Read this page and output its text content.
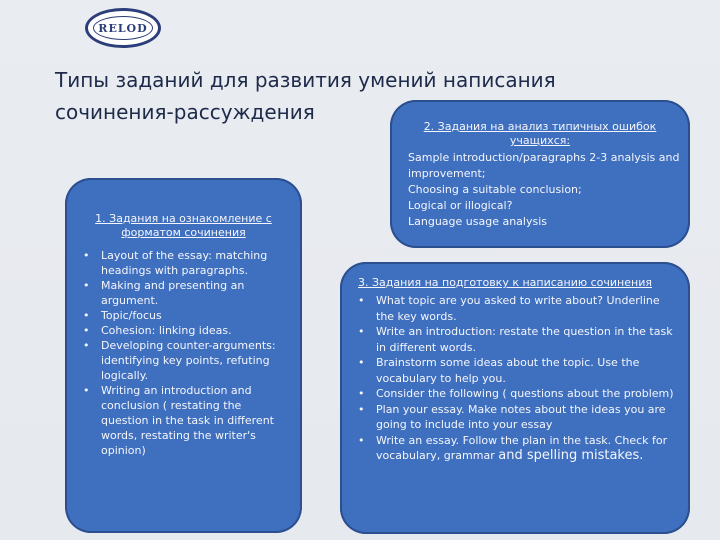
RELOD
Типы заданий для развития умений написания
сочинения-рассуждения
1. Задания на ознакомление с форматом сочинения
• Layout of the essay: matching headings with paragraphs.
• Making and presenting an argument.
• Topic/focus
• Cohesion: linking ideas.
• Developing counter-arguments: identifying key points, refuting logically.
• Writing an introduction and conclusion ( restating the question in the task in different words, restating the writer's opinion)
2. Задания на анализ типичных ошибок учащихся:
Sample introduction/paragraphs 2-3 analysis and improvement;
Choosing a suitable conclusion;
Logical or illogical?
Language usage analysis
3. Задания на подготовку к написанию сочинения
• What topic are you asked to write about? Underline the key words.
• Write an introduction: restate the question in the task in different words.
• Brainstorm some ideas about the topic. Use the vocabulary to help you.
• Consider the following ( questions about the problem)
• Plan your essay. Make notes about the ideas you are going to include into your essay
• Write an essay. Follow the plan in the task. Check for vocabulary, grammar and spelling mistakes.
